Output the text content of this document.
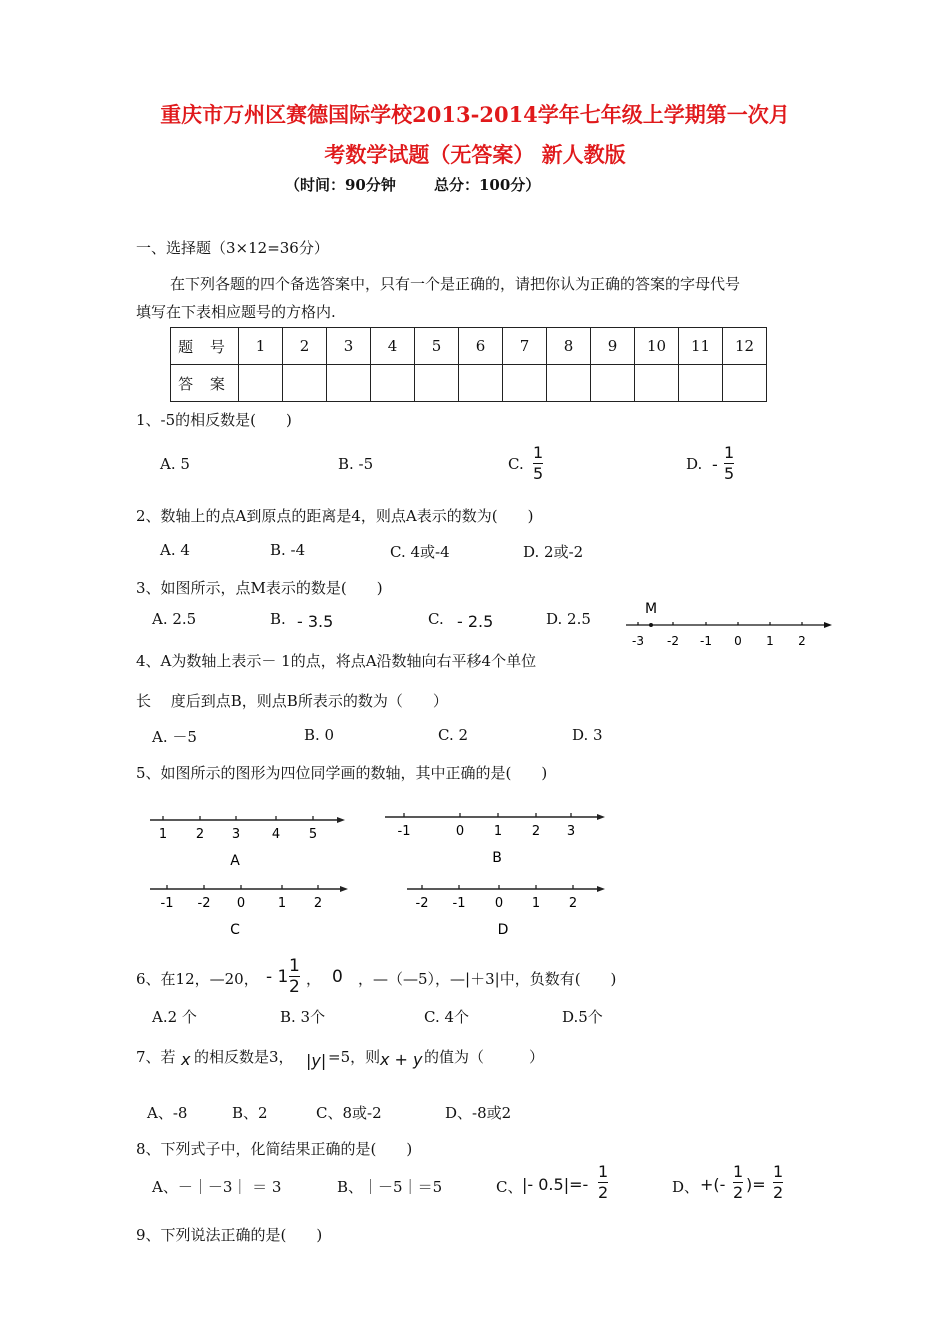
重庆市万州区赛德国际学校2013-2014学年七年级上学期第一次月
考数学试题（无答案） 新人教版
（时间：90分钟	总分：100分）
一、选择题（3×12=36分）
在下列各题的四个备选答案中，只有一个是正确的，请把你认为正确的答案的字母代号
填写在下表相应题号的方格内.
题 号	1	2	3	4	5	6	7	8	9	10	11	12
答 案												
1、-5的相反数是(　　)
A. 5	B. -5	C. $\frac{1}{5}$	D. - $\frac{1}{5}$
2、数轴上的点A到原点的距离是4，则点A表示的数为(　　)
A. 4	B. -4	C. 4或-4	D. 2或-2
3、如图所示，点M表示的数是(　　)
A. 2.5	B. - 3.5	C. - 2.5	D. 2.5
-3 -2 -1 0 1 2
M
4、A为数轴上表示－ 1的点，将点A沿数轴向右平移4个单位
长　 度后到点B，则点B所表示的数为（　　）
A. －5	B. 0	C. 2	D. 3
5、如图所示的图形为四位同学画的数轴，其中正确的是(　　)
1 2 3 4 5
A
-1	0 1 2 3
B
-1 -2 0	1 2
C
-2 -1 0 1 2
D
6、在12，—20， - $1 \frac{1}{2}$ ， 0 ，—（—5），—|＋3|中，负数有(　　)
A.2 个	B. 3个	C. 4个	D.5个
7、若 x 的相反数是3， |y| =5，则 x + y 的值为（　　　）
A、-8	B、2	C、8或-2	D、-8或2
8、下列式子中，化简结果正确的是(　　)
A、－｜－3｜ ＝ 3	B、｜－5｜＝5	C、 |- $0.5|=- \frac{1}{2}$	D、 +(- $\frac{1}{2}$ )= $\frac{1}{2}$
9、下列说法正确的是(　　)
